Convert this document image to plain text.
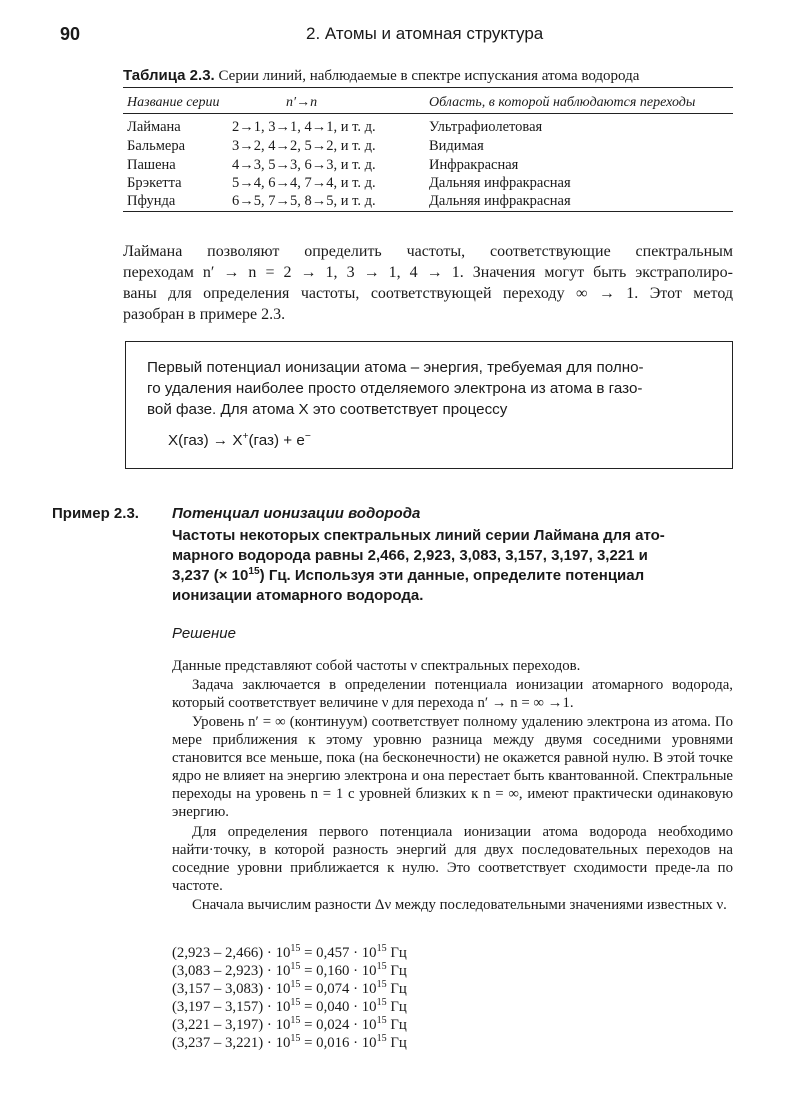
90	2. Атомы и атомная структура
Таблица 2.3. Серии линий, наблюдаемые в спектре испускания атома водорода
Название серии	n′→n	Область, в которой наблюдаются переходы
Лаймана	2→1, 3→1, 4→1, и т. д.	Ультрафиолетовая
Бальмера	3→2, 4→2, 5→2, и т. д.	Видимая
Пашена	4→3, 5→3, 6→3, и т. д.	Инфракрасная
Брэкетта	5→4, 6→4, 7→4, и т. д.	Дальняя инфракрасная
Пфунда	6→5, 7→5, 8→5, и т. д.	Дальняя инфракрасная
Лаймана позволяют определить частоты, соответствующие спектральным
переходам n′ → n = 2 → 1, 3 → 1, 4 → 1. Значения могут быть экстраполиро-
ваны для определения частоты, соответствующей переходу ∞ → 1. Этот метод
разобран в примере 2.3.
Первый потенциал ионизации атома – энергия, требуемая для полно-
го удаления наиболее просто отделяемого электрона из атома в газо-
вой фазе. Для атома X это соответствует процессу
X(газ) → X+(газ) + e−
Пример 2.3. Потенциал ионизации водорода
Частоты некоторых спектральных линий серии Лаймана для ато-
марного водорода равны 2,466, 2,923, 3,083, 3,157, 3,197, 3,221 и
3,237 (× $10^{15}$) Гц. Используя эти данные, определите потенциал
ионизации атомарного водорода.
Решение
Данные представляют собой частоты ν спектральных переходов.
Задача заключается в определении потенциала ионизации атомарного водорода, который соответствует величине ν для перехода n′ → n = ∞ →1.
Уровень n′ = ∞ (континуум) соответствует полному удалению электрона из атома. По мере приближения к этому уровню разница между двумя соседними уровнями становится все меньше, пока (на бесконечности) не окажется равной нулю. В этой точке ядро не влияет на энергию электрона и она перестает быть квантованной. Спектральные переходы на уровень n = 1 с уровней близких к n = ∞, имеют практически одинаковую энергию.
Для определения первого потенциала ионизации атома водорода необходимо найти·точку, в которой разность энергий для двух последовательных переходов на соседние уровни приближается к нулю. Это соответствует сходимости преде-ла по частоте.
Сначала вычислим разности Δν между последовательными значениями известных ν.
$(2,923 - 2,466) \cdot 10^{15} = 0,457 \cdot 10^{15}$ Гц
$(3,083 - 2,923) \cdot 10^{15} = 0,160 \cdot 10^{15}$ Гц
$(3,157 - 3,083) \cdot 10^{15} = 0,074 \cdot 10^{15}$ Гц
$(3,197 - 3,157) \cdot 10^{15} = 0,040 \cdot 10^{15}$ Гц
$(3,221 - 3,197) \cdot 10^{15} = 0,024 \cdot 10^{15}$ Гц
$(3,237 - 3,221) \cdot 10^{15} = 0,016 \cdot 10^{15}$ Гц
